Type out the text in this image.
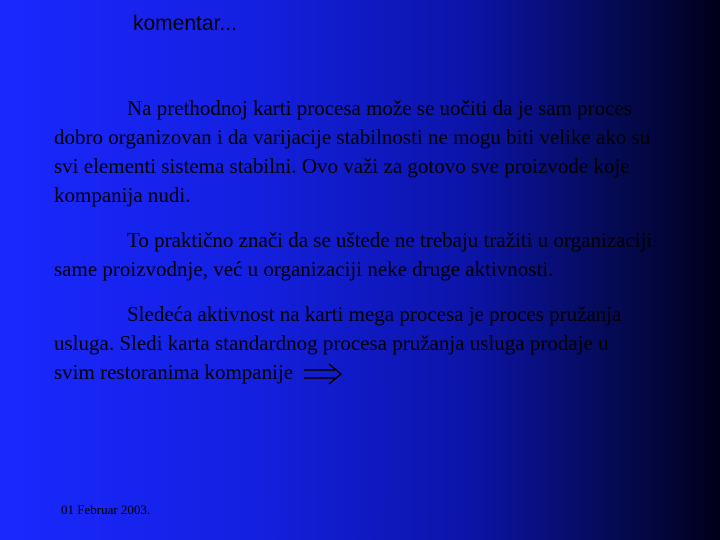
komentar...

Na prethodnoj karti procesa može se uočiti da je sam proces dobro organizovan i da varijacije stabilnosti ne mogu biti velike ako su svi elementi sistema stabilni. Ovo važi za gotovo sve proizvode koje kompanija nudi.

To praktično znači da se uštede ne trebaju tražiti u organizaciji same proizvodnje, već u organizaciji neke druge aktivnosti.

Sledeća aktivnost na karti mega procesa je proces pružanja usluga. Sledi karta standardnog procesa pružanja usluga prodaje u svim restoranima kompanije

01 Februar 2003.
